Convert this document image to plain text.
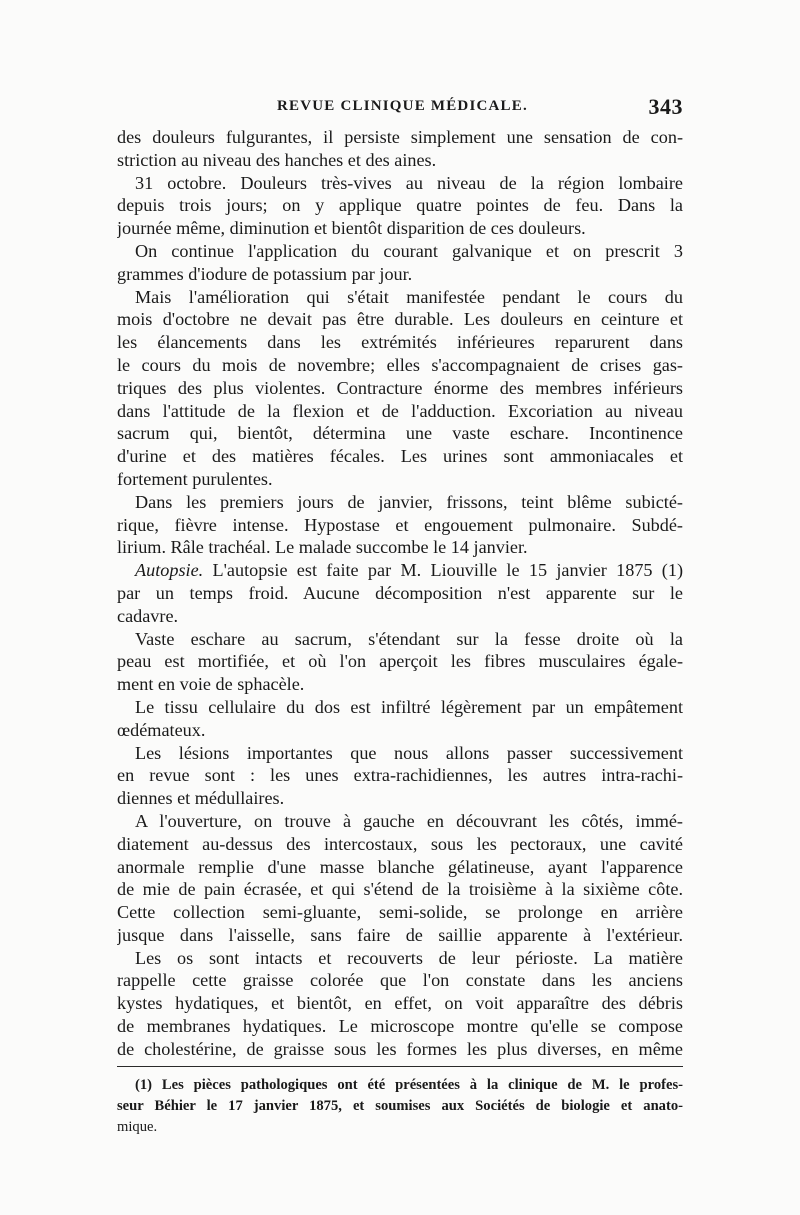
REVUE CLINIQUE MÉDICALE.	343
des douleurs fulgurantes, il persiste simplement une sensation de con-
striction au niveau des hanches et des aines.
31 octobre. Douleurs très-vives au niveau de la région lombaire
depuis trois jours; on y applique quatre pointes de feu. Dans la
journée même, diminution et bientôt disparition de ces douleurs.
On continue l'application du courant galvanique et on prescrit 3
grammes d'iodure de potassium par jour.
Mais l'amélioration qui s'était manifestée pendant le cours du
mois d'octobre ne devait pas être durable. Les douleurs en ceinture et
les élancements dans les extrémités inférieures reparurent dans
le cours du mois de novembre; elles s'accompagnaient de crises gas-
triques des plus violentes. Contracture énorme des membres inférieurs
dans l'attitude de la flexion et de l'adduction. Excoriation au niveau
sacrum qui, bientôt, détermina une vaste eschare. Incontinence
d'urine et des matières fécales. Les urines sont ammoniacales et
fortement purulentes.
Dans les premiers jours de janvier, frissons, teint blême subicté-
rique, fièvre intense. Hypostase et engouement pulmonaire. Subdé-
lirium. Râle trachéal. Le malade succombe le 14 janvier.
Autopsie. L'autopsie est faite par M. Liouville le 15 janvier 1875 (1)
par un temps froid. Aucune décomposition n'est apparente sur le
cadavre.
Vaste eschare au sacrum, s'étendant sur la fesse droite où la
peau est mortifiée, et où l'on aperçoit les fibres musculaires égale-
ment en voie de sphacèle.
Le tissu cellulaire du dos est infiltré légèrement par un empâtement
œdémateux.
Les lésions importantes que nous allons passer successivement
en revue sont : les unes extra-rachidiennes, les autres intra-rachi-
diennes et médullaires.
A l'ouverture, on trouve à gauche en découvrant les côtés, immé-
diatement au-dessus des intercostaux, sous les pectoraux, une cavité
anormale remplie d'une masse blanche gélatineuse, ayant l'apparence
de mie de pain écrasée, et qui s'étend de la troisième à la sixième côte.
Cette collection semi-gluante, semi-solide, se prolonge en arrière
jusque dans l'aisselle, sans faire de saillie apparente à l'extérieur.
Les os sont intacts et recouverts de leur périoste. La matière
rappelle cette graisse colorée que l'on constate dans les anciens
kystes hydatiques, et bientôt, en effet, on voit apparaître des débris
de membranes hydatiques. Le microscope montre qu'elle se compose
de cholestérine, de graisse sous les formes les plus diverses, en même
(1) Les pièces pathologiques ont été présentées à la clinique de M. le profes-
seur Béhier le 17 janvier 1875, et soumises aux Sociétés de biologie et anato-
mique.
